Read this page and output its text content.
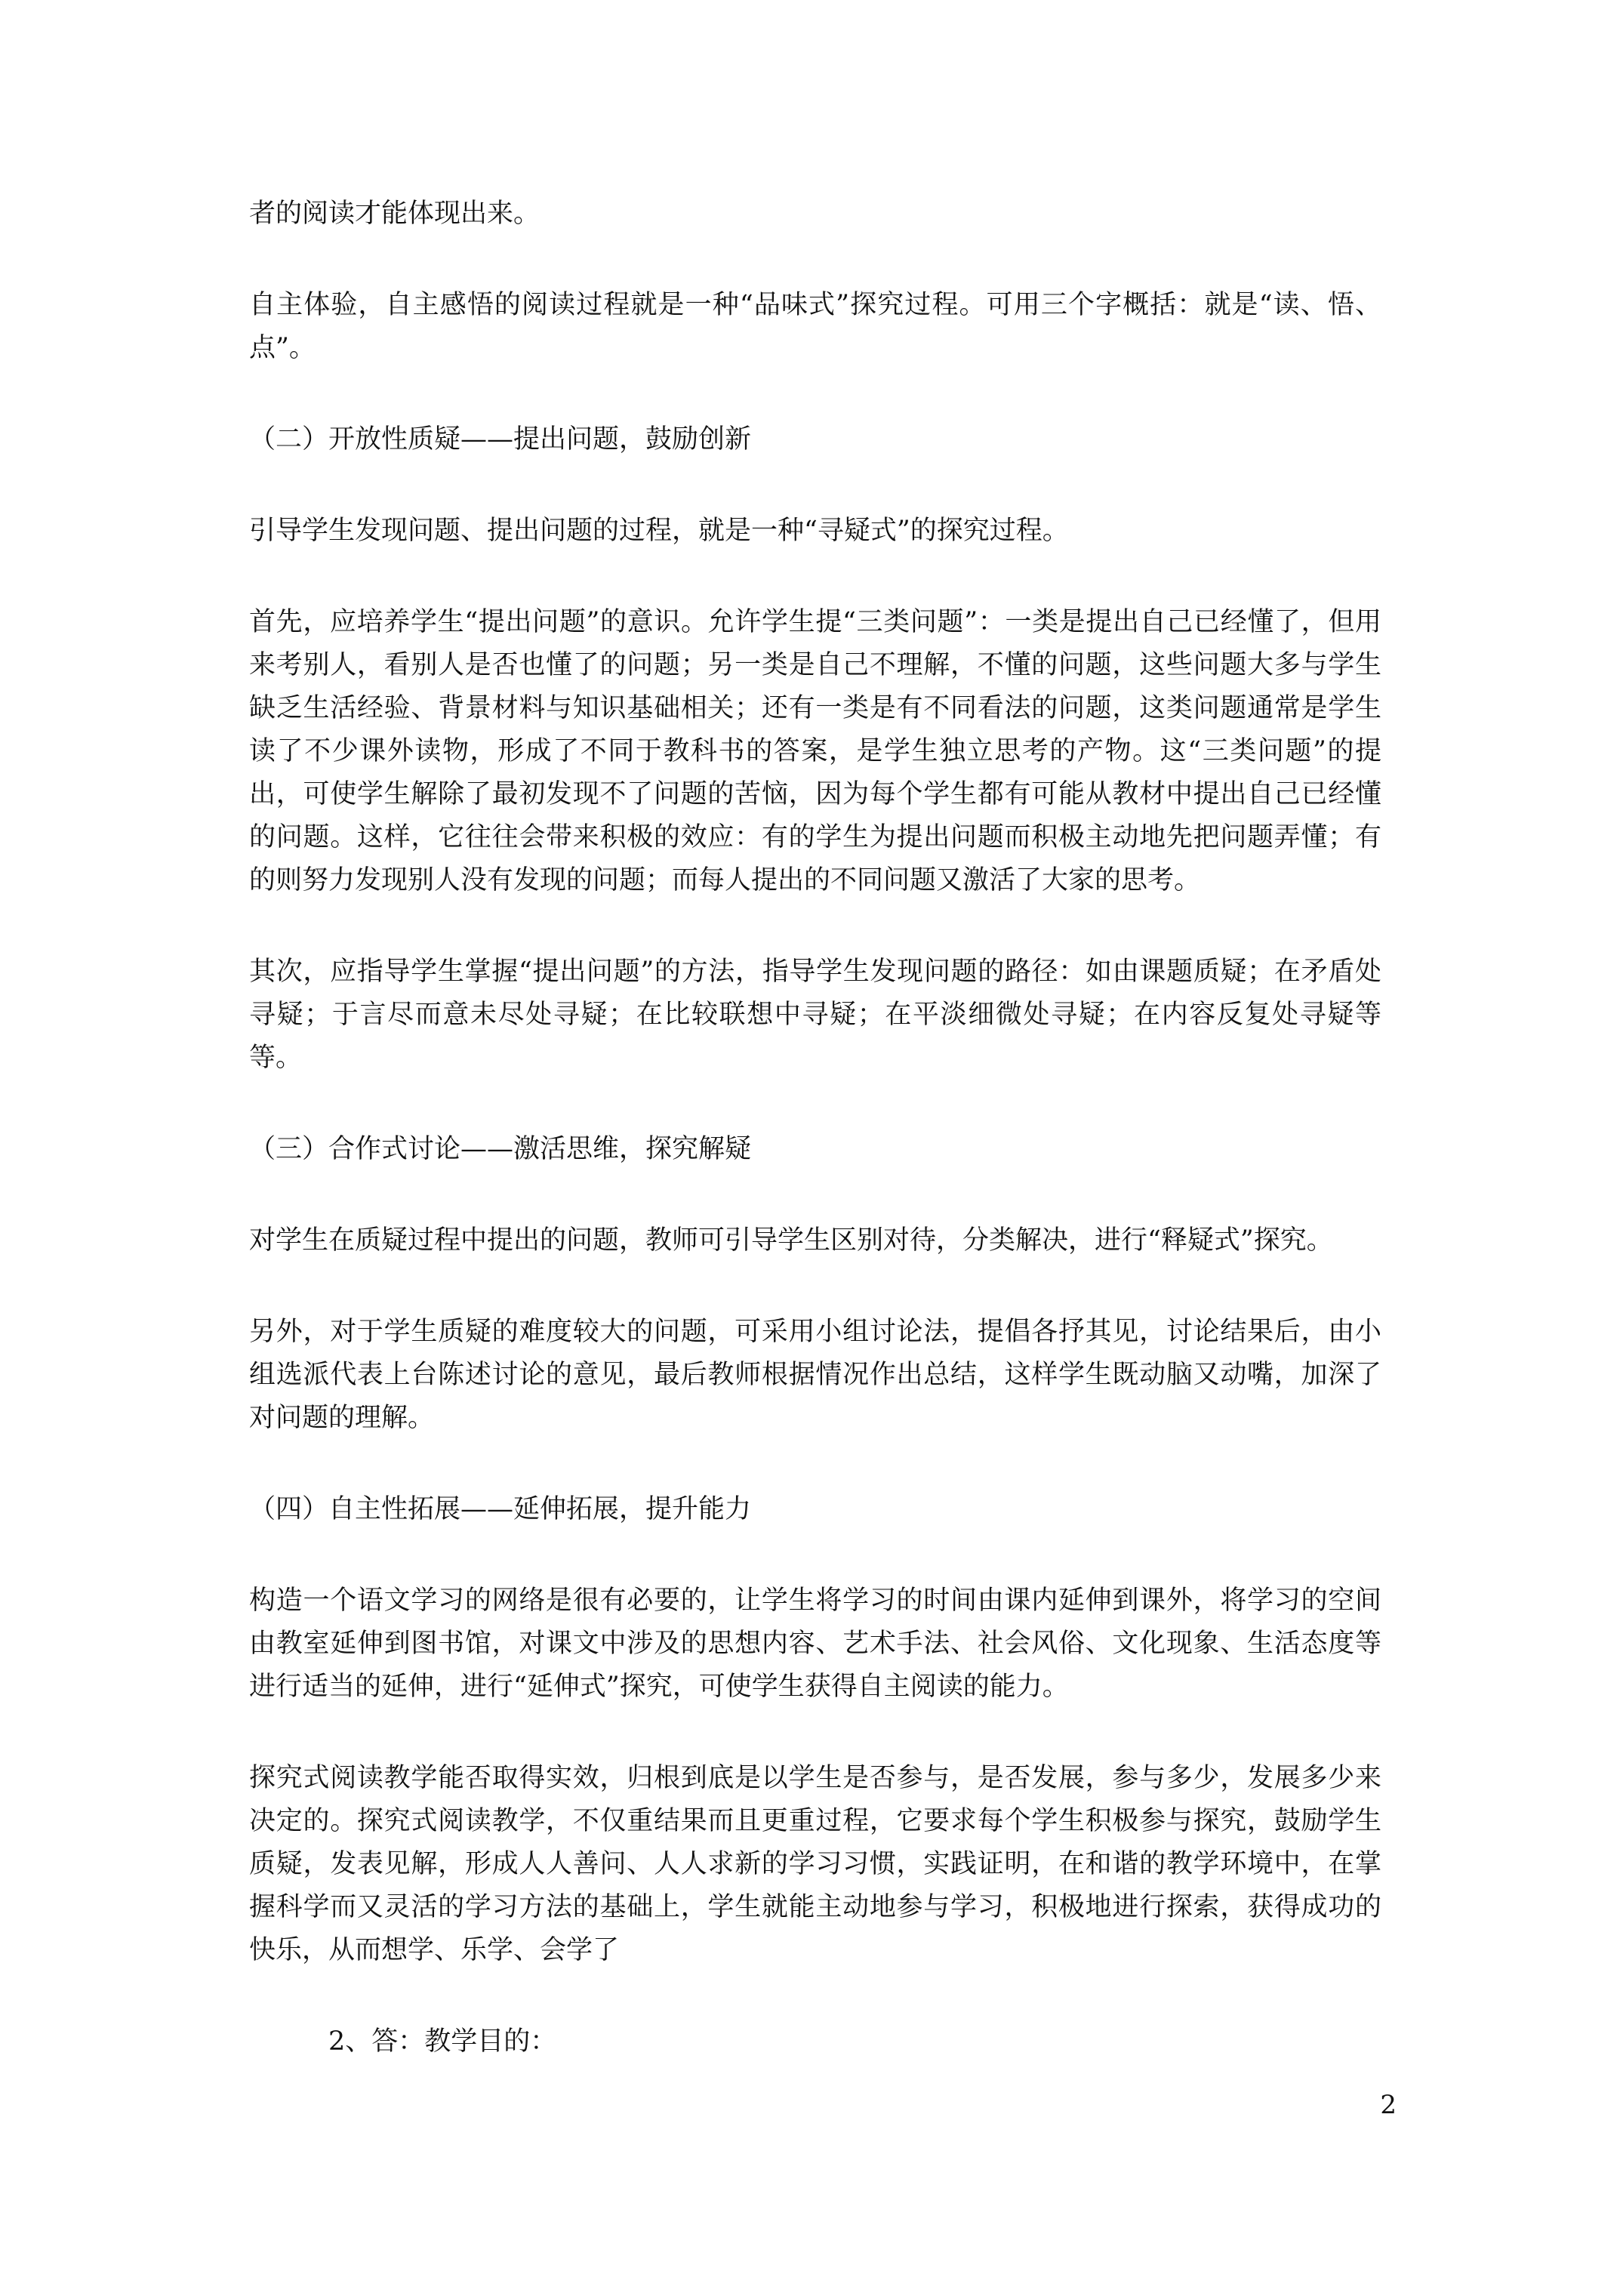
者的阅读才能体现出来。

自主体验，自主感悟的阅读过程就是一种“品味式”探究过程。可用三个字概括：就是“读、悟、点”。

（二）开放性质疑——提出问题，鼓励创新

引导学生发现问题、提出问题的过程，就是一种“寻疑式”的探究过程。

首先，应培养学生“提出问题”的意识。允许学生提“三类问题”：一类是提出自己已经懂了，但用来考别人，看别人是否也懂了的问题；另一类是自己不理解，不懂的问题，这些问题大多与学生缺乏生活经验、背景材料与知识基础相关；还有一类是有不同看法的问题，这类问题通常是学生读了不少课外读物，形成了不同于教科书的答案，是学生独立思考的产物。这“三类问题”的提出，可使学生解除了最初发现不了问题的苦恼，因为每个学生都有可能从教材中提出自己已经懂的问题。这样，它往往会带来积极的效应：有的学生为提出问题而积极主动地先把问题弄懂；有的则努力发现别人没有发现的问题；而每人提出的不同问题又激活了大家的思考。

其次，应指导学生掌握“提出问题”的方法，指导学生发现问题的路径：如由课题质疑；在矛盾处寻疑；于言尽而意未尽处寻疑；在比较联想中寻疑；在平淡细微处寻疑；在内容反复处寻疑等等。

（三）合作式讨论——激活思维，探究解疑

对学生在质疑过程中提出的问题，教师可引导学生区别对待，分类解决，进行“释疑式”探究。

另外，对于学生质疑的难度较大的问题，可采用小组讨论法，提倡各抒其见，讨论结果后，由小组选派代表上台陈述讨论的意见，最后教师根据情况作出总结，这样学生既动脑又动嘴，加深了对问题的理解。

（四）自主性拓展——延伸拓展，提升能力

构造一个语文学习的网络是很有必要的，让学生将学习的时间由课内延伸到课外，将学习的空间由教室延伸到图书馆，对课文中涉及的思想内容、艺术手法、社会风俗、文化现象、生活态度等进行适当的延伸，进行“延伸式”探究，可使学生获得自主阅读的能力。

探究式阅读教学能否取得实效，归根到底是以学生是否参与，是否发展，参与多少，发展多少来决定的。探究式阅读教学，不仅重结果而且更重过程，它要求每个学生积极参与探究，鼓励学生质疑，发表见解，形成人人善问、人人求新的学习习惯，实践证明，在和谐的教学环境中，在掌握科学而又灵活的学习方法的基础上，学生就能主动地参与学习，积极地进行探索，获得成功的快乐，从而想学、乐学、会学了

2、答：教学目的：

2
